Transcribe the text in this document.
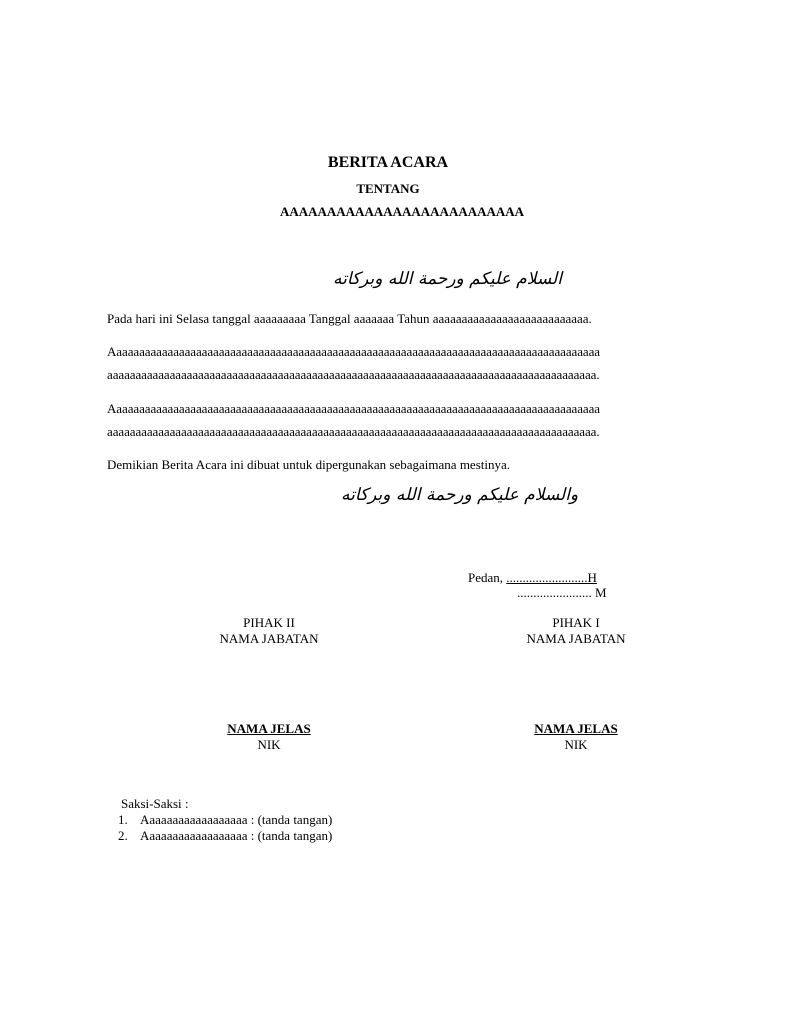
BERITA ACARA
TENTANG
AAAAAAAAAAAAAAAAAAAAAAAAAA
السلام عليكم ورحمة الله وبركاته
Pada hari ini Selasa tanggal aaaaaaaaa Tanggal aaaaaaa Tahun aaaaaaaaaaaaaaaaaaaaaaaaaaa.
Aaaaaaaaaaaaaaaaaaaaaaaaaaaaaaaaaaaaaaaaaaaaaaaaaaaaaaaaaaaaaaaaaaaaaaaaaaaaaaaaaaaaaa
aaaaaaaaaaaaaaaaaaaaaaaaaaaaaaaaaaaaaaaaaaaaaaaaaaaaaaaaaaaaaaaaaaaaaaaaaaaaaaaaaaaaaa.
Aaaaaaaaaaaaaaaaaaaaaaaaaaaaaaaaaaaaaaaaaaaaaaaaaaaaaaaaaaaaaaaaaaaaaaaaaaaaaaaaaaaaaa
aaaaaaaaaaaaaaaaaaaaaaaaaaaaaaaaaaaaaaaaaaaaaaaaaaaaaaaaaaaaaaaaaaaaaaaaaaaaaaaaaaaaaa.
Demikian Berita Acara ini dibuat untuk dipergunakan sebagaimana mestinya.
والسلام عليكم ورحمة الله وبركاته
Pedan, .........................H
....................... M
PIHAK II
NAMA JABATAN
NAMA JELAS
NIK
PIHAK I
NAMA JABATAN
NAMA JELAS
NIK
Saksi-Saksi :
1. Aaaaaaaaaaaaaaaaaa : (tanda tangan)
2. Aaaaaaaaaaaaaaaaaa : (tanda tangan)
